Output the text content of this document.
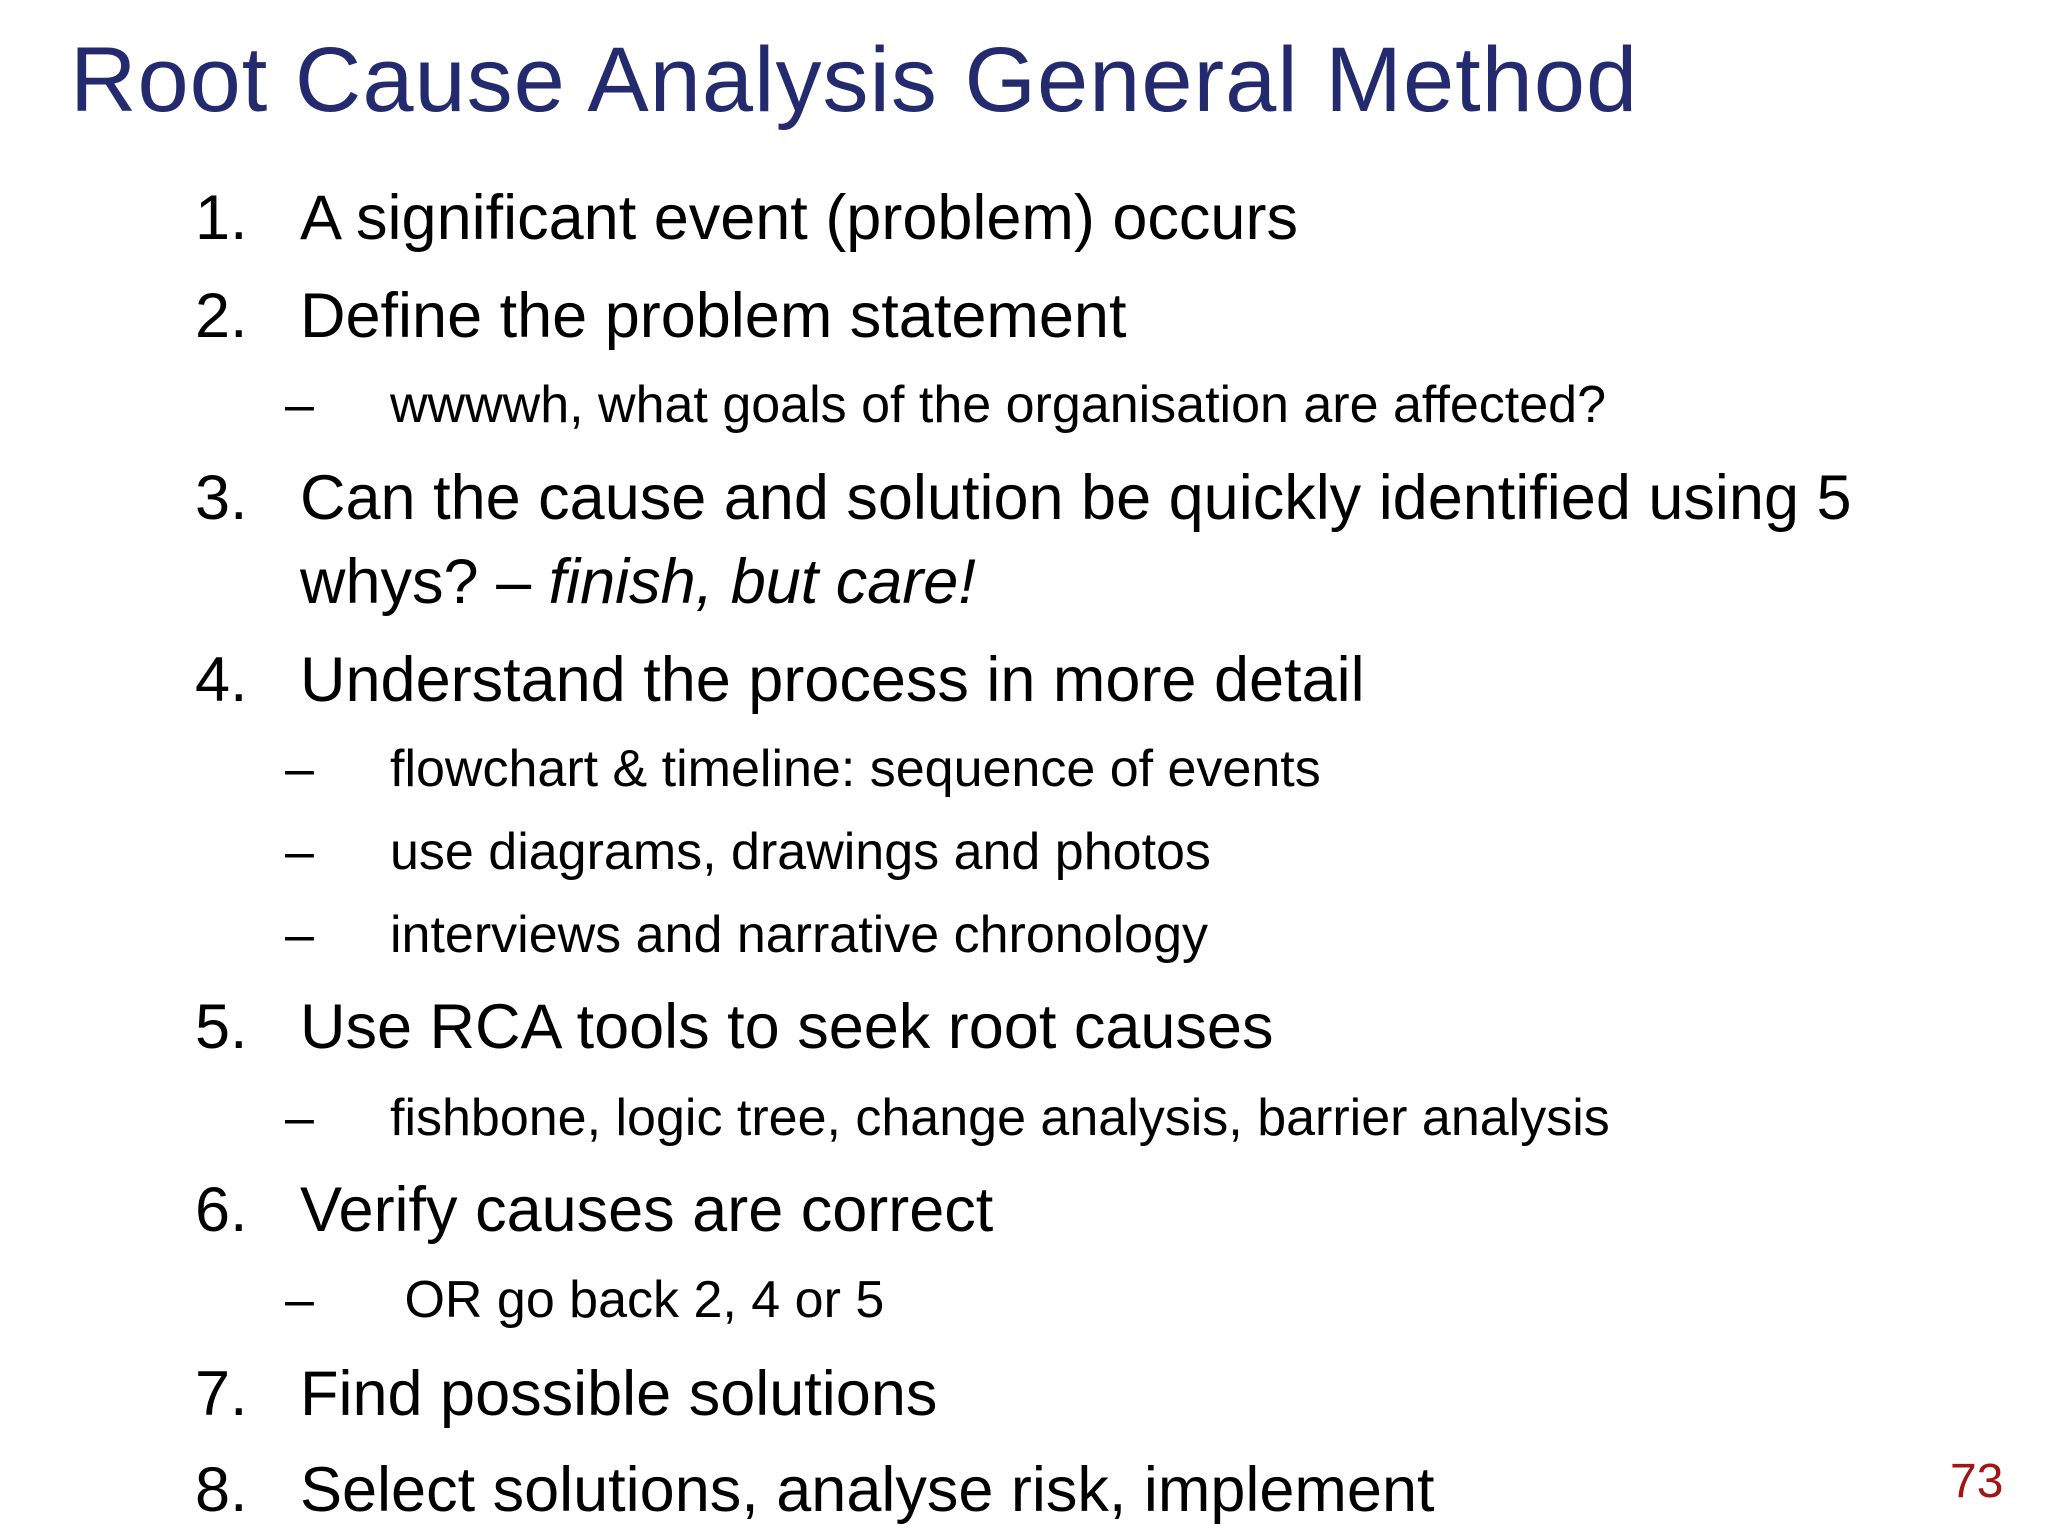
Root Cause Analysis General Method
1. A significant event (problem) occurs
2. Define the problem statement
– wwwwh, what goals of the organisation are affected?
3. Can the cause and solution be quickly identified using 5
whys? – finish, but care!
4. Understand the process in more detail
– flowchart & timeline: sequence of events
– use diagrams, drawings and photos
– interviews and narrative chronology
5. Use RCA tools to seek root causes
– fishbone, logic tree, change analysis, barrier analysis
6. Verify causes are correct
– OR go back 2, 4 or 5
7. Find possible solutions
8. Select solutions, analyse risk, implement	73
